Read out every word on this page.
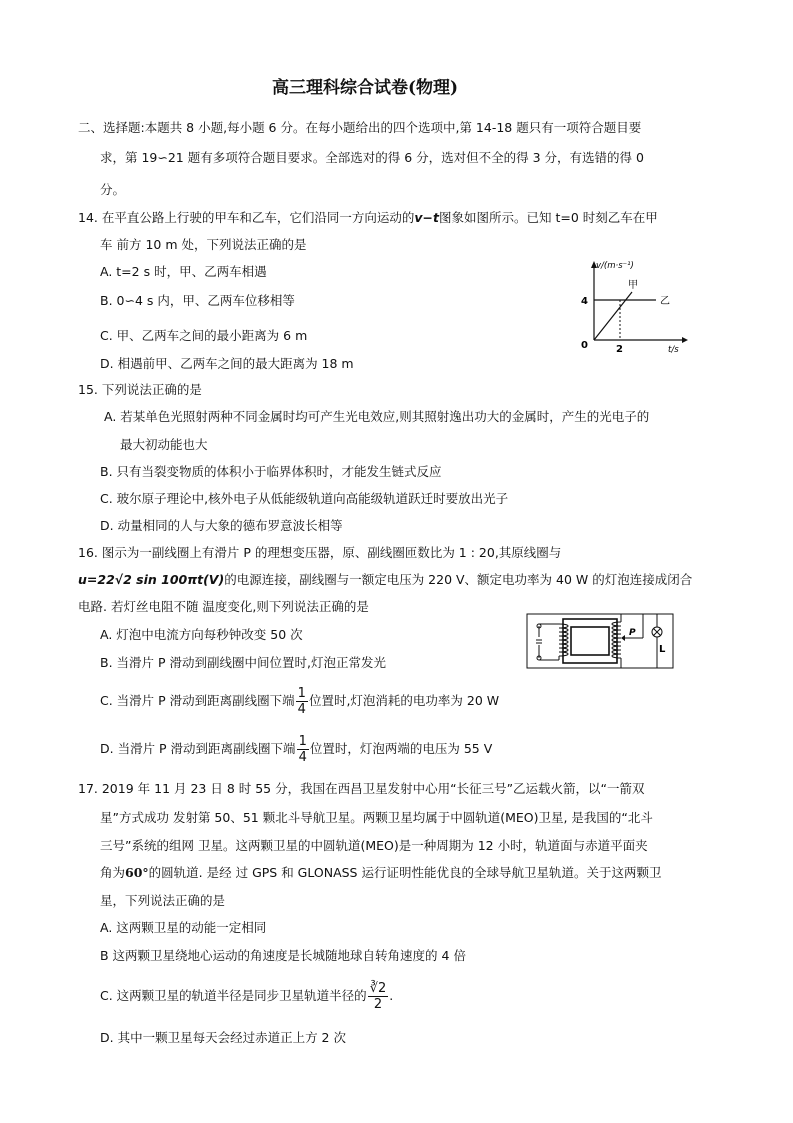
高三理科综合试卷(物理)
二、选择题:本题共 8 小题,每小题 6 分。在每小题给出的四个选项中,第 14-18 题只有一项符合题目要
求，第 19∽21 题有多项符合题目要求。全部选对的得 6 分，选对但不全的得 3 分，有选错的得 0
分。
14. 在平直公路上行驶的甲车和乙车，它们沿同一方向运动的v−t图象如图所示。已知 t=0 时刻乙车在甲
车 前方 10 m 处，下列说法正确的是
A. t=2 s 时，甲、乙两车相遇
B. 0∽4 s 内，甲、乙两车位移相等
C. 甲、乙两车之间的最小距离为 6 m
D. 相遇前甲、乙两车之间的最大距离为 18 m
v/(m·s⁻¹)
t/s
4
2
0
甲
乙
15. 下列说法正确的是
A. 若某单色光照射两种不同金属时均可产生光电效应,则其照射逸出功大的金属时，产生的光电子的
最大初动能也大
B. 只有当裂变物质的体积小于临界体积时，才能发生链式反应
C. 玻尔原子理论中,核外电子从低能级轨道向高能级轨道跃迁时要放出光子
D. 动量相同的人与大象的德布罗意波长相等
16. 图示为一副线圈上有滑片 P 的理想变压器，原、副线圈匝数比为 1 : 20,其原线圈与
u=22√2 sin 100πt(V)的电源连接，副线圈与一额定电压为 220 V、额定电功率为 40 W 的灯泡连接成闭合
电路. 若灯丝电阻不随 温度变化,则下列说法正确的是
A. 灯泡中电流方向每秒钟改变 50 次
B. 当滑片 P 滑动到副线圈中间位置时,灯泡正常发光
C. 当滑片 P 滑动到距离副线圈下端 $\frac{1}{4}$ 位置时,灯泡消耗的电功率为 20 W
D. 当滑片 P 滑动到距离副线圈下端 $\frac{1}{4}$ 位置时，灯泡两端的电压为 55 V
P
L
17. 2019 年 11 月 23 日 8 时 55 分，我国在西昌卫星发射中心用“长征三号”乙运载火箭，以“一箭双
星”方式成功 发射第 50、51 颗北斗导航卫星。两颗卫星均属于中圆轨道(MEO)卫星, 是我国的“北斗
三号”系统的组网 卫星。这两颗卫星的中圆轨道(MEO)是一种周期为 12 小时，轨道面与赤道平面夹
角为60°的圆轨道. 是经 过 GPS 和 GLONASS 运行证明性能优良的全球导航卫星轨道。关于这两颗卫
星，下列说法正确的是
A. 这两颗卫星的动能一定相同
B 这两颗卫星绕地心运动的角速度是长城随地球自转角速度的 4 倍
C. 这两颗卫星的轨道半径是同步卫星轨道半径的 $\frac{∛2}{2}$ .
D. 其中一颗卫星每天会经过赤道正上方 2 次
